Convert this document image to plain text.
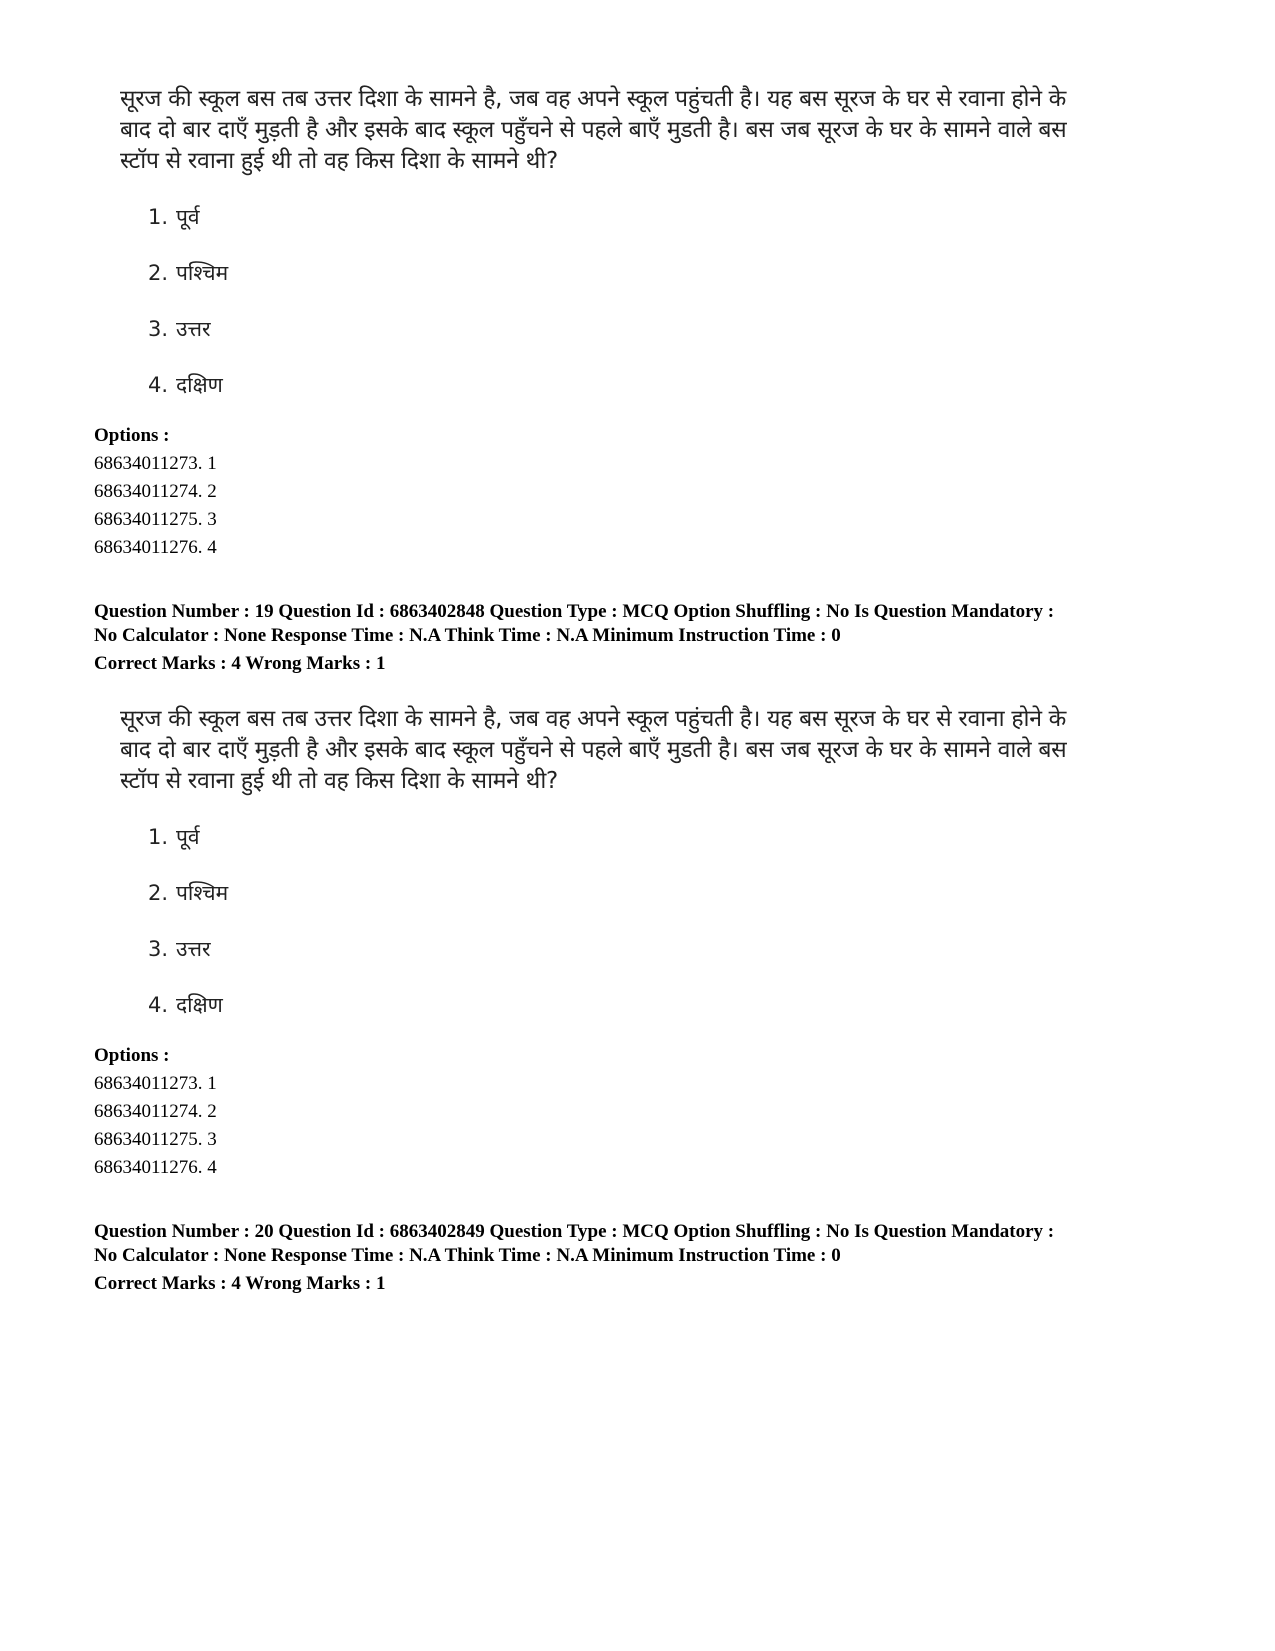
सूरज की स्कूल बस तब उत्तर दिशा के सामने है, जब वह अपने स्कूल पहुंचती है। यह बस सूरज के घर से रवाना होने के

बाद दो बार दाएँ मुड़ती है और इसके बाद स्कूल पहुँचने से पहले बाएँ मुडती है। बस जब सूरज के घर के सामने वाले बस

स्टॉप से रवाना हुई थी तो वह किस दिशा के सामने थी?

1. पूर्व
2. पश्चिम
3. उत्तर
4. दक्षिण
Options :
68634011273. 1
68634011274. 2
68634011275. 3
68634011276. 4
Question Number : 19 Question Id : 6863402848 Question Type : MCQ Option Shuffling : No Is Question Mandatory :
No Calculator : None Response Time : N.A Think Time : N.A Minimum Instruction Time : 0
Correct Marks : 4 Wrong Marks : 1

सूरज की स्कूल बस तब उत्तर दिशा के सामने है, जब वह अपने स्कूल पहुंचती है। यह बस सूरज के घर से रवाना होने के

बाद दो बार दाएँ मुड़ती है और इसके बाद स्कूल पहुँचने से पहले बाएँ मुडती है। बस जब सूरज के घर के सामने वाले बस

स्टॉप से रवाना हुई थी तो वह किस दिशा के सामने थी?

1. पूर्व
2. पश्चिम
3. उत्तर
4. दक्षिण
Options :
68634011273. 1
68634011274. 2
68634011275. 3
68634011276. 4
Question Number : 20 Question Id : 6863402849 Question Type : MCQ Option Shuffling : No Is Question Mandatory :
No Calculator : None Response Time : N.A Think Time : N.A Minimum Instruction Time : 0
Correct Marks : 4 Wrong Marks : 1
